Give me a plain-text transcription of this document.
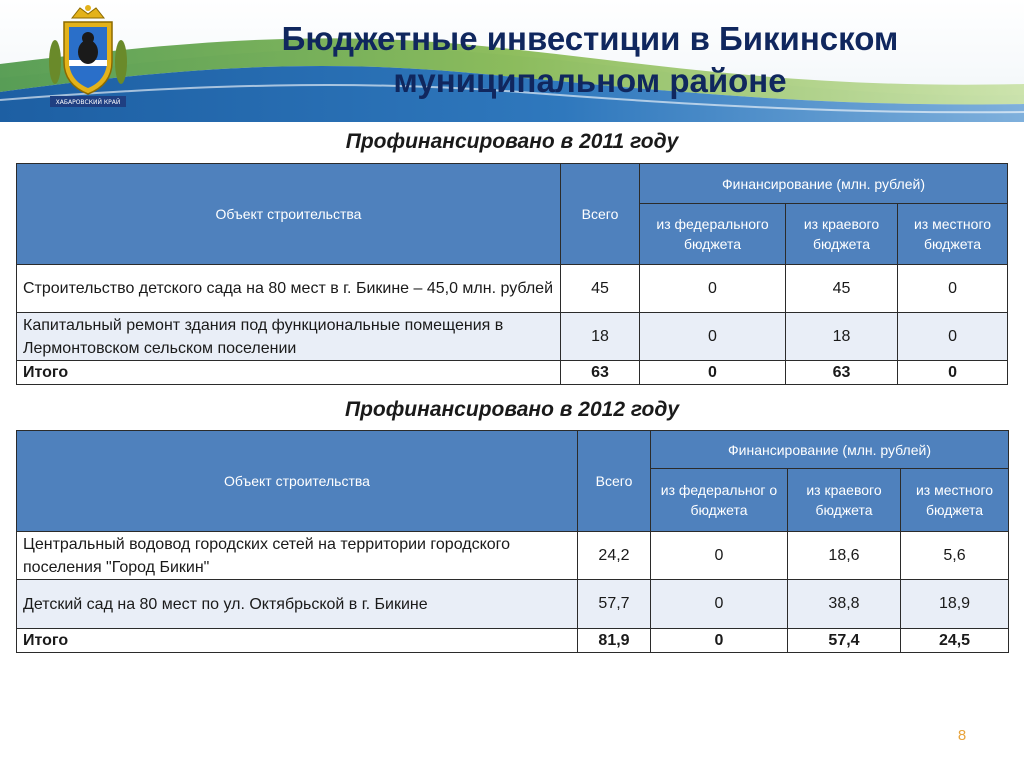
ХАБАРОВСКИЙ КРАЙ
Бюджетные инвестиции в Бикинском
муниципальном районе
Профинансировано в 2011 году
Объект строительства	Всего	Финансирование (млн. рублей)		
		из федерального бюджета	из краевого бюджета	из местного бюджета
Строительство детского сада на 80 мест в г. Бикине – 45,0 млн. рублей	45	0	45	0
Капитальный ремонт здания под функциональные помещения в Лермонтовском сельском поселении	18	0	18	0
Итого	63	0	63	0
Профинансировано в 2012 году
Объект строительства	Всего	Финансирование (млн. рублей)		
		из федеральног о бюджета	из краевого бюджета	из местного бюджета
Центральный водовод городских сетей на территории городского поселения "Город Бикин"	24,2	0	18,6	5,6
Детский сад на 80 мест по ул. Октябрьской в г. Бикине	57,7	0	38,8	18,9
Итого	81,9	0	57,4	24,5
8
